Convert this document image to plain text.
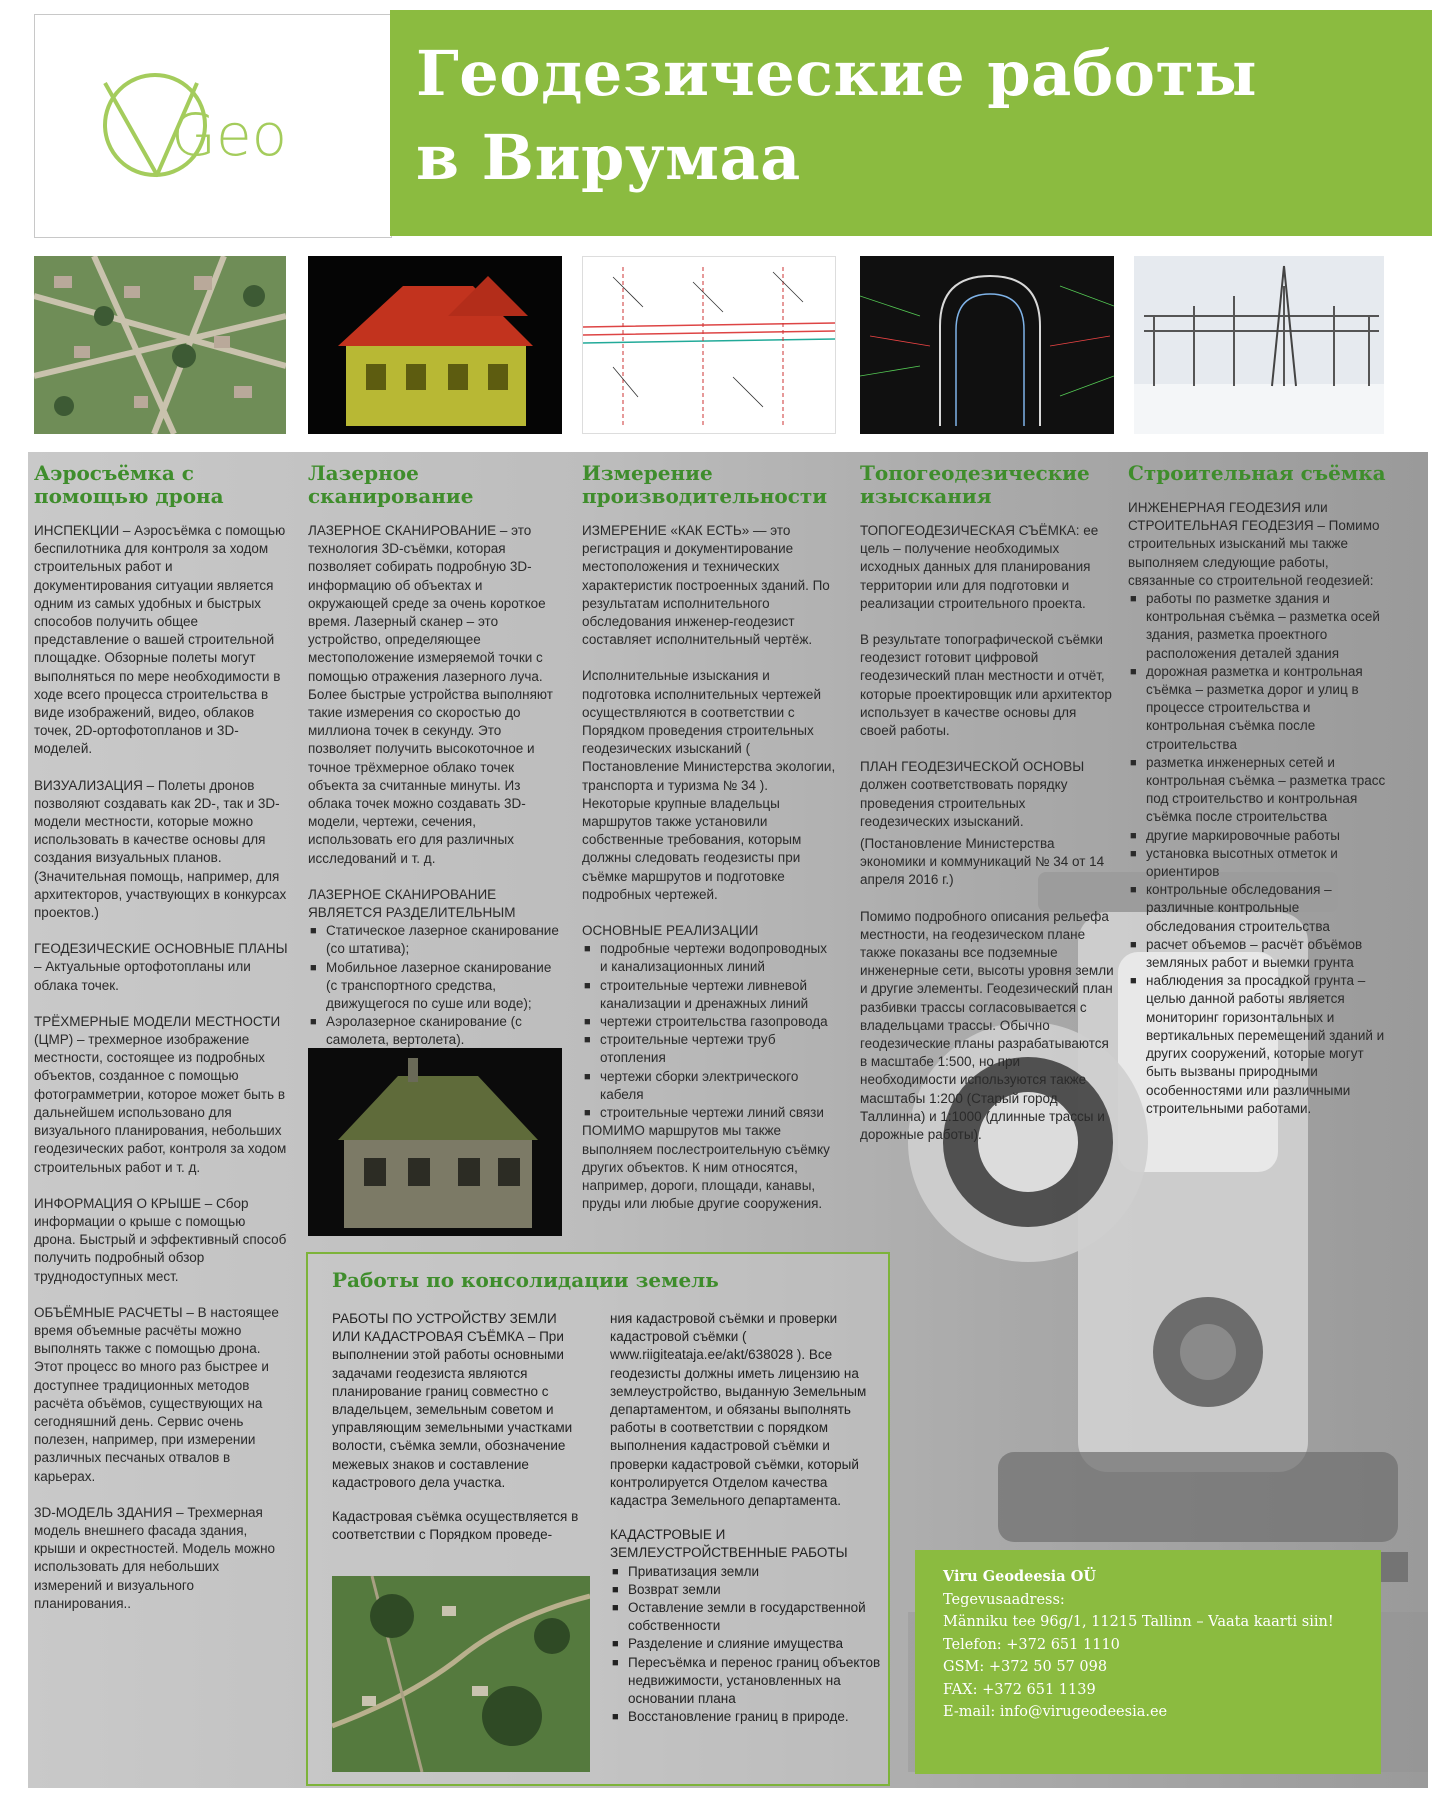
Geo
Геодезические работы
в Вирумаа
Аэросъёмка с помощью дрона

ИНСПЕКЦИИ – Аэросъёмка с помощью беспилотника для контроля за ходом строительных работ и документирования ситуации является одним из самых удобных и быстрых способов получить общее представление о вашей строительной площадке. Обзорные полеты могут выполняться по мере необходимости в ходе всего процесса строительства в виде изображений, видео, облаков точек, 2D-ортофотопланов и 3D-моделей.

ВИЗУАЛИЗАЦИЯ – Полеты дронов позволяют создавать как 2D-, так и 3D-модели местности, которые можно использовать в качестве основы для создания визуальных планов. (Значительная помощь, например, для архитекторов, участвующих в конкурсах проектов.)

ГЕОДЕЗИЧЕСКИЕ ОСНОВНЫЕ ПЛАНЫ – Актуальные ортофотопланы или облака точек.

ТРЁХМЕРНЫЕ МОДЕЛИ МЕСТНОСТИ (ЦМР) – трехмерное изображение местности, состоящее из подробных объектов, созданное с помощью фотограмметрии, которое может быть в дальнейшем использовано для визуального планирования, небольших геодезических работ, контроля за ходом строительных работ и т. д.

ИНФОРМАЦИЯ О КРЫШЕ – Сбор информации о крыше с помощью дрона. Быстрый и эффективный способ получить подробный обзор труднодоступных мест.

ОБЪЁМНЫЕ РАСЧЕТЫ – В настоящее время объемные расчёты можно выполнять также с помощью дрона. Этот процесс во много раз быстрее и доступнее традиционных методов расчёта объёмов, существующих на сегодняшний день. Сервис очень полезен, например, при измерении различных песчаных отвалов в карьерах.

3D-МОДЕЛЬ ЗДАНИЯ – Трехмерная модель внешнего фасада здания, крыши и окрестностей. Модель можно использовать для небольших измерений и визуального планирования..

Лазерное сканирование

ЛАЗЕРНОЕ СКАНИРОВАНИЕ – это технология 3D-съёмки, которая позволяет собирать подробную 3D-информацию об объектах и окружающей среде за очень короткое время. Лазерный сканер – это устройство, определяющее местоположение измеряемой точки с помощью отражения лазерного луча. Более быстрые устройства выполняют такие измерения со скоростью до миллиона точек в секунду. Это позволяет получить высокоточное и точное трёхмерное облако точек объекта за считанные минуты. Из облака точек можно создавать 3D-модели, чертежи, сечения, использовать его для различных исследований и т. д.

ЛАЗЕРНОЕ СКАНИРОВАНИЕ ЯВЛЯЕТСЯ РАЗДЕЛИТЕЛЬНЫМ

■ Статическое лазерное сканирование (со штатива);
■ Мобильное лазерное сканирование (с транспортного средства, движущегося по суше или воде);
■ Аэролазерное сканирование (с самолета, вертолета).
Измерение производительности

ИЗМЕРЕНИЕ «КАК ЕСТЬ» — это регистрация и документирование местоположения и технических характеристик построенных зданий. По результатам исполнительного обследования инженер-геодезист составляет исполнительный чертёж.

Исполнительные изыскания и подготовка исполнительных чертежей осуществляются в соответствии с Порядком проведения строительных геодезических изысканий ( Постановление Министерства экологии, транспорта и туризма № 34 ). Некоторые крупные владельцы маршрутов также установили собственные требования, которым должны следовать геодезисты при съёмке маршрутов и подготовке подробных чертежей.

ОСНОВНЫЕ РЕАЛИЗАЦИИ

■ подробные чертежи водопроводных и канализационных линий
■ строительные чертежи ливневой канализации и дренажных линий
■ чертежи строительства газопровода
■ строительные чертежи труб отопления
■ чертежи сборки электрического кабеля
■ строительные чертежи линий связи

ПОМИМО маршрутов мы также выполняем послестроительную съёмку других объектов. К ним относятся, например, дороги, площади, канавы, пруды или любые другие сооружения.

Топогеодезические изыскания

ТОПОГЕОДЕЗИЧЕСКАЯ СЪЁМКА: ее цель – получение необходимых исходных данных для планирования территории или для подготовки и реализации строительного проекта.

В результате топографической съёмки геодезист готовит цифровой геодезический план местности и отчёт, которые проектировщик или архитектор использует в качестве основы для своей работы.

ПЛАН ГЕОДЕЗИЧЕСКОЙ ОСНОВЫ должен соответствовать порядку проведения строительных геодезических изысканий.

(Постановление Министерства экономики и коммуникаций № 34 от 14 апреля 2016 г.)

Помимо подробного описания рельефа местности, на геодезическом плане также показаны все подземные инженерные сети, высоты уровня земли и другие элементы. Геодезический план разбивки трассы согласовывается с владельцами трассы. Обычно геодезические планы разрабатываются в масштабе 1:500, но при необходимости используются также масштабы 1:200 (Старый город Таллинна) и 1:1000 (длинные трассы и дорожные работы).

Строительная съёмка

ИНЖЕНЕРНАЯ ГЕОДЕЗИЯ или СТРОИТЕЛЬНАЯ ГЕОДЕЗИЯ – Помимо строительных изысканий мы также выполняем следующие работы, связанные со строительной геодезией:

■ работы по разметке здания и контрольная съёмка – разметка осей здания, разметка проектного расположения деталей здания
■ дорожная разметка и контрольная съёмка – разметка дорог и улиц в процессе строительства и контрольная съёмка после строительства
■ разметка инженерных сетей и контрольная съёмка – разметка трасс под строительство и контрольная съёмка после строительства
■ другие маркировочные работы
■ установка высотных отметок и ориентиров
■ контрольные обследования – различные контрольные обследования строительства
■ расчет объемов – расчёт объёмов земляных работ и выемки грунта
■ наблюдения за просадкой грунта – целью данной работы является мониторинг горизонтальных и вертикальных перемещений зданий и других сооружений, которые могут быть вызваны природными особенностями или различными строительными работами.
Работы по консолидации земель

РАБОТЫ ПО УСТРОЙСТВУ ЗЕМЛИ ИЛИ КАДАСТРОВАЯ СЪЁМКА – При выполнении этой работы основными задачами геодезиста являются планирование границ совместно с владельцем, земельным советом и управляющим земельными участками волости, съёмка земли, обозначение межевых знаков и составление кадастрового дела участка.

Кадастровая съёмка осуществляется в соответствии с Порядком проведе-

ния кадастровой съёмки и проверки кадастровой съёмки ( www.riigiteataja.ee/akt/638028 ). Все геодезисты должны иметь лицензию на землеустройство, выданную Земельным департаментом, и обязаны выполнять работы в соответствии с порядком выполнения кадастровой съёмки и проверки кадастровой съёмки, который контролируется Отделом качества кадастра Земельного департамента.

КАДАСТРОВЫЕ И ЗЕМЛЕУСТРОЙСТВЕННЫЕ РАБОТЫ

■ Приватизация земли
■ Возврат земли
■ Оставление земли в государственной собственности
■ Разделение и слияние имущества
■ Пересъёмка и перенос границ объектов недвижимости, установленных на основании плана
■ Восстановление границ в природе.
Viru Geodeesia OÜ
Tegevusaadress:
Männiku tee 96g/1, 11215 Tallinn – Vaata kaarti siin!
Telefon: +372 651 1110
GSM: +372 50 57 098
FAX: +372 651 1139
E-mail: info@virugeodeesia.ee
